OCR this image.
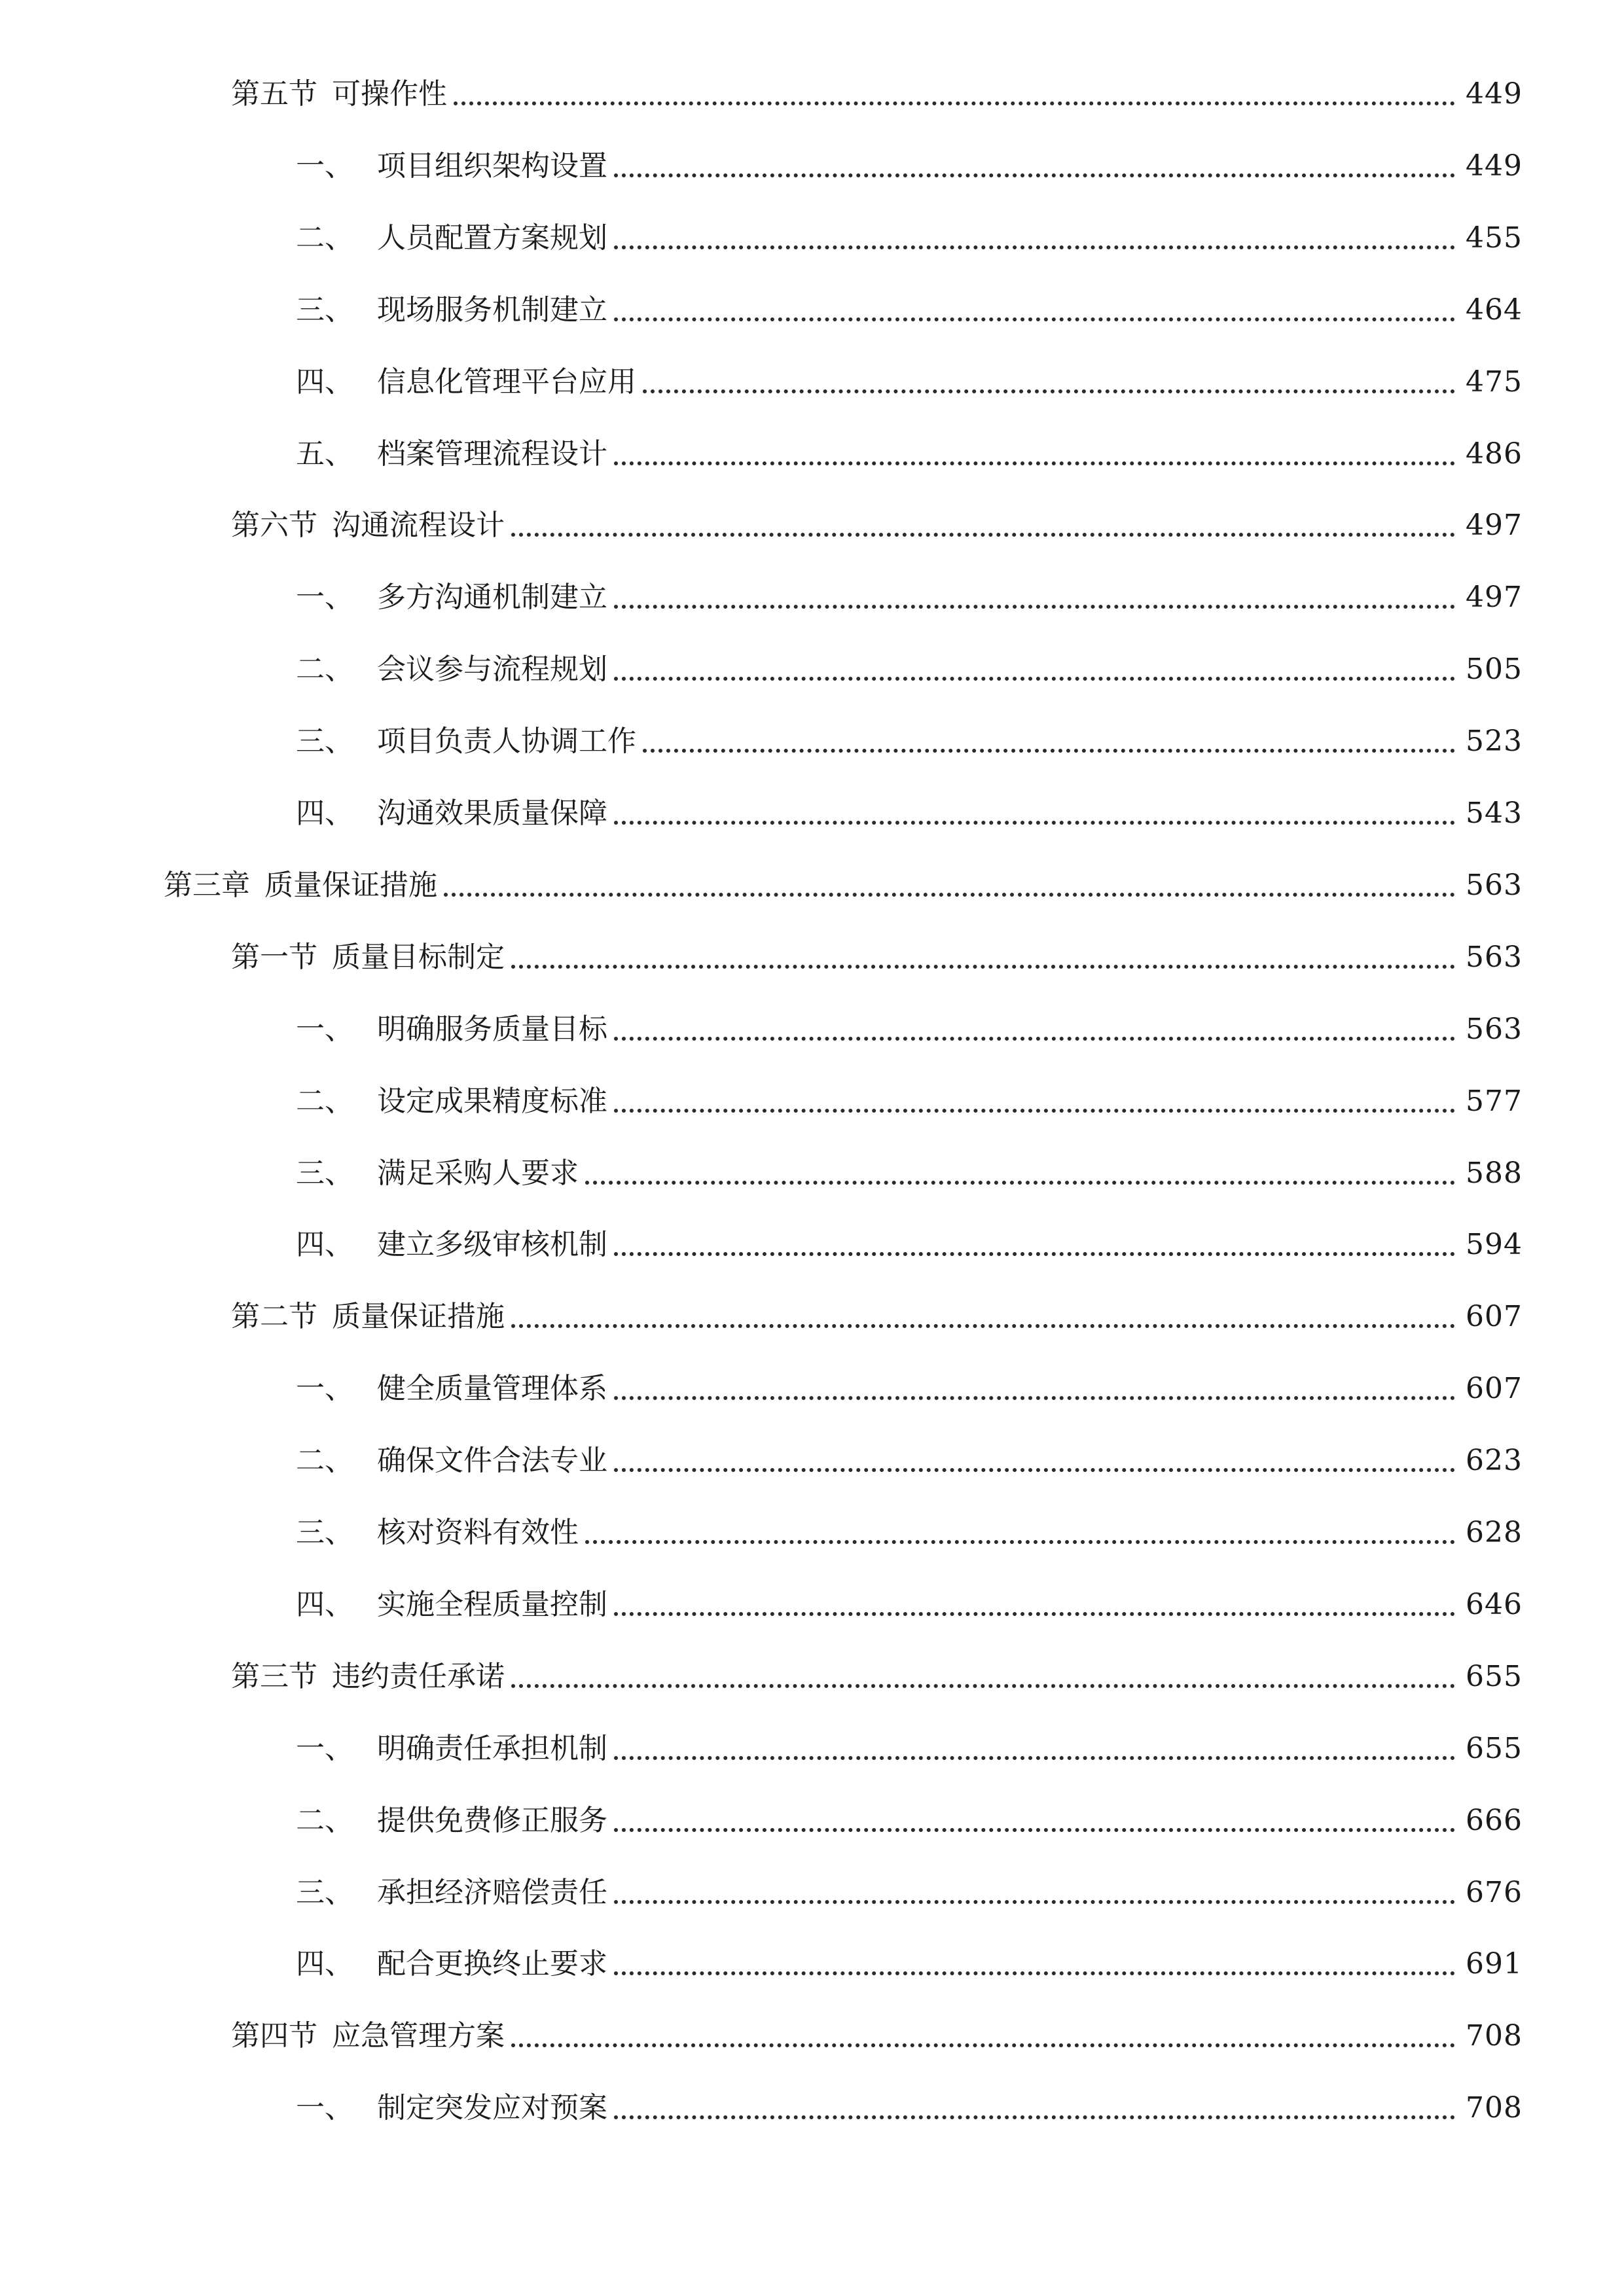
第五节 可操作性	449
一、 项目组织架构设置	449
二、 人员配置方案规划	455
三、 现场服务机制建立	464
四、 信息化管理平台应用	475
五、 档案管理流程设计	486
第六节 沟通流程设计	497
一、 多方沟通机制建立	497
二、 会议参与流程规划	505
三、 项目负责人协调工作	523
四、 沟通效果质量保障	543
第三章 质量保证措施	563
第一节 质量目标制定	563
一、 明确服务质量目标	563
二、 设定成果精度标准	577
三、 满足采购人要求	588
四、 建立多级审核机制	594
第二节 质量保证措施	607
一、 健全质量管理体系	607
二、 确保文件合法专业	623
三、 核对资料有效性	628
四、 实施全程质量控制	646
第三节 违约责任承诺	655
一、 明确责任承担机制	655
二、 提供免费修正服务	666
三、 承担经济赔偿责任	676
四、 配合更换终止要求	691
第四节 应急管理方案	708
一、 制定突发应对预案	708
